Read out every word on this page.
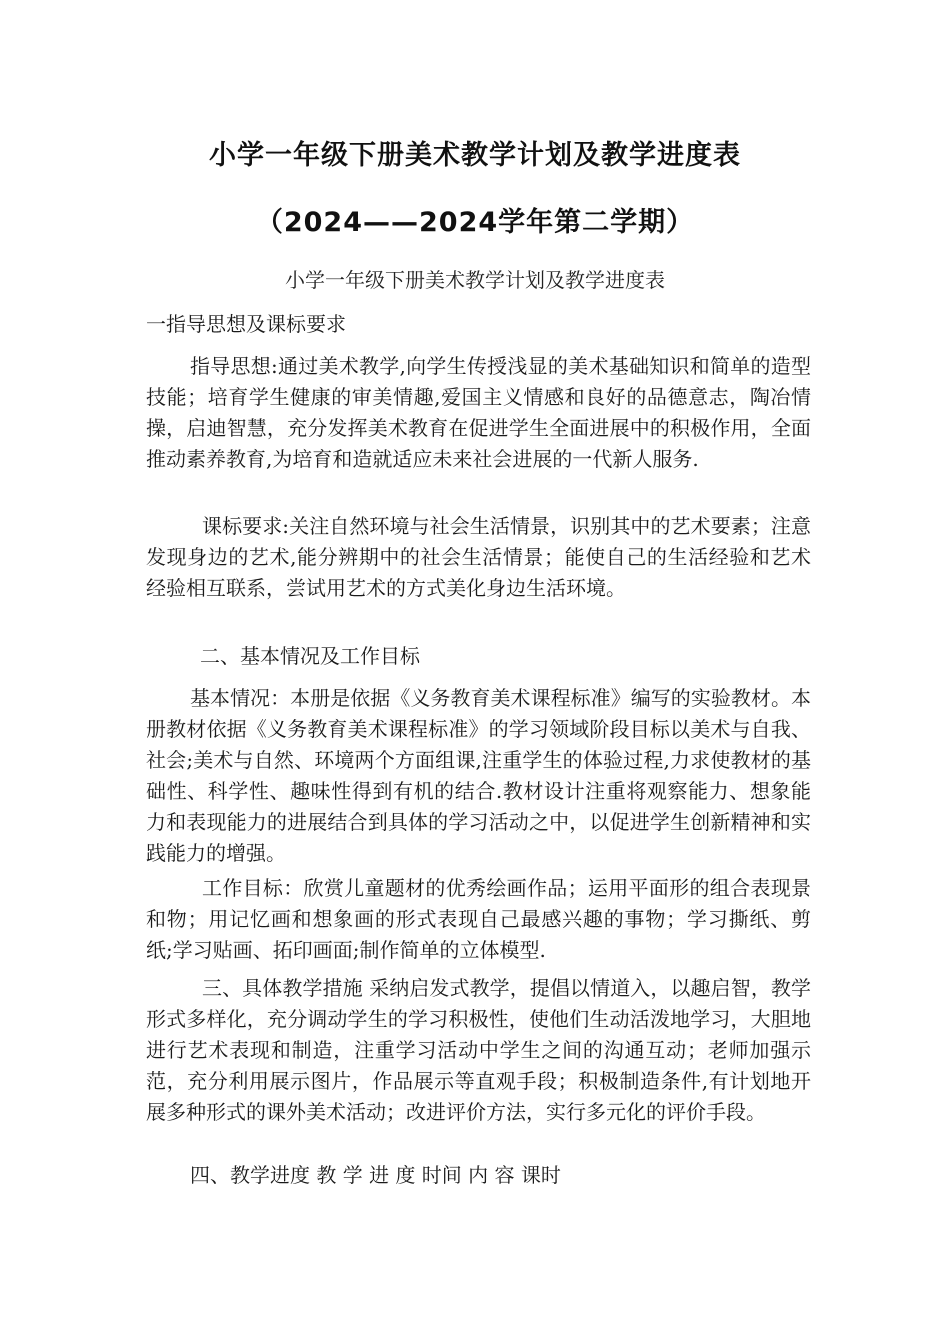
小学一年级下册美术教学计划及教学进度表
（2024——2024学年第二学期）
小学一年级下册美术教学计划及教学进度表
一指导思想及课标要求
指导思想:通过美术教学,向学生传授浅显的美术基础知识和简单的造型技能；培育学生健康的审美情趣,爱国主义情感和良好的品德意志，陶冶情操，启迪智慧，充分发挥美术教育在促进学生全面进展中的积极作用，全面推动素养教育,为培育和造就适应未来社会进展的一代新人服务.
课标要求:关注自然环境与社会生活情景，识别其中的艺术要素；注意发现身边的艺术,能分辨期中的社会生活情景；能使自己的生活经验和艺术经验相互联系，尝试用艺术的方式美化身边生活环境。
二、基本情况及工作目标
基本情况：本册是依据《义务教育美术课程标准》编写的实验教材。本册教材依据《义务教育美术课程标准》的学习领域阶段目标以美术与自我、社会;美术与自然、环境两个方面组课,注重学生的体验过程,力求使教材的基础性、科学性、趣味性得到有机的结合.教材设计注重将观察能力、想象能力和表现能力的进展结合到具体的学习活动之中，以促进学生创新精神和实践能力的增强。
工作目标：欣赏儿童题材的优秀绘画作品；运用平面形的组合表现景和物；用记忆画和想象画的形式表现自己最感兴趣的事物；学习撕纸、剪纸;学习贴画、拓印画面;制作简单的立体模型.
三、具体教学措施 采纳启发式教学，提倡以情道入，以趣启智，教学形式多样化，充分调动学生的学习积极性，使他们生动活泼地学习，大胆地进行艺术表现和制造，注重学习活动中学生之间的沟通互动；老师加强示范，充分利用展示图片，作品展示等直观手段；积极制造条件,有计划地开展多种形式的课外美术活动；改进评价方法，实行多元化的评价手段。
四、教学进度 教 学 进 度 时间 内 容 课时
